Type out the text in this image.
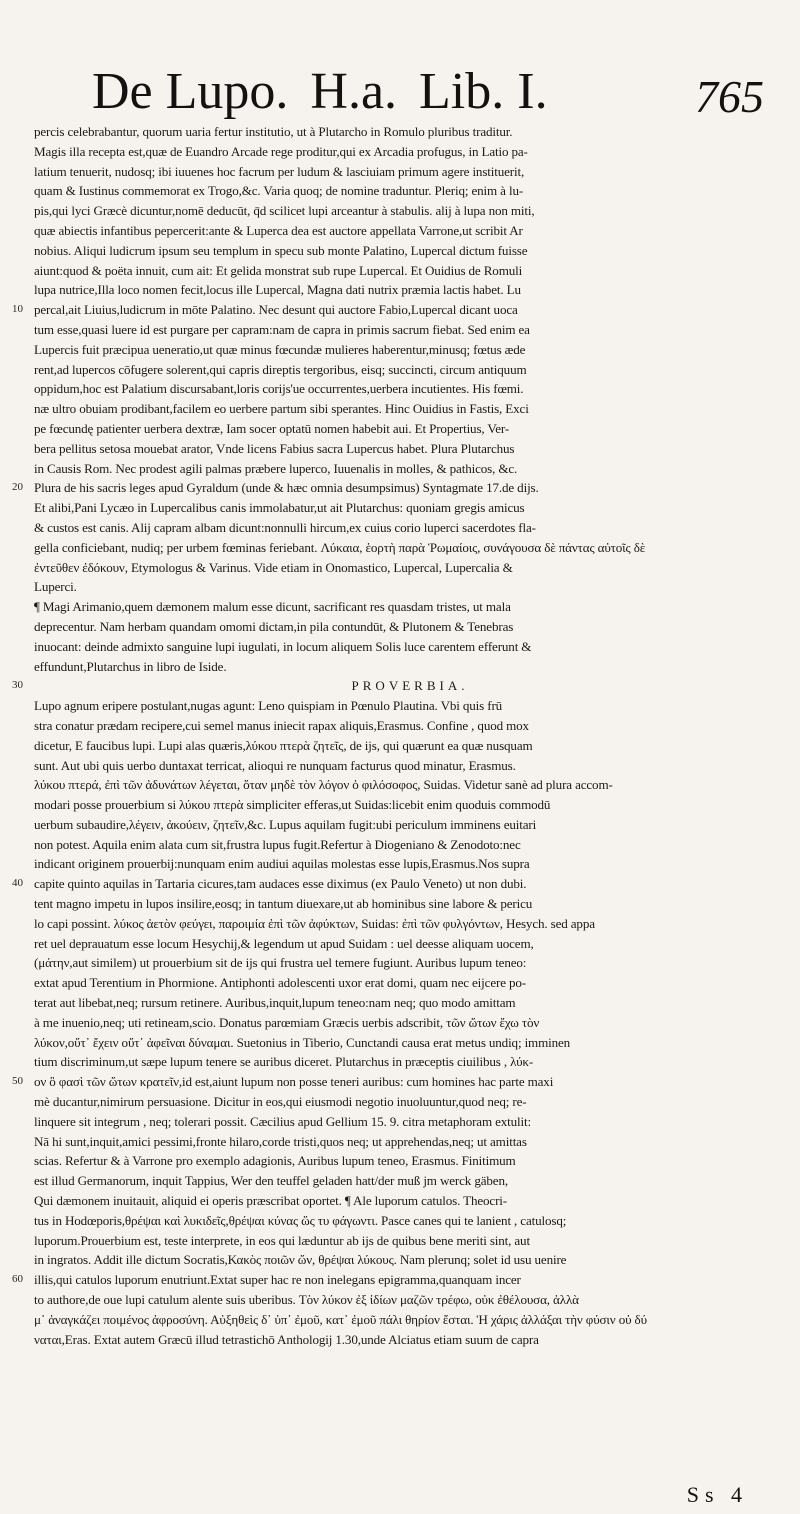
De Lupo. H.a. Lib. I.	765
percis celebrabantur, quorum uaria fertur institutio, ut à Plutarcho in Romulo pluribus traditur.
Magis illa recepta est,quæ de Euandro Arcade rege proditur,qui ex Arcadia profugus, in Latio pa-
latium tenuerit, nudosq; ibi iuuenes hoc facrum per ludum & lasciuiam primum agere instituerit,
quam & Iustinus commemorat ex Trogo,&c. Varia quoq; de nomine traduntur. Pleriq; enim à lu-
pis,qui lyci Græcè dicuntur,nomē deducūt, q̄d scilicet lupi arceantur à stabulis. alij à lupa non miti,
quæ abiectis infantibus pepercerit:ante & Luperca dea est auctore appellata Varrone,ut scribit Ar
nobius. Aliqui ludicrum ipsum seu templum in specu sub monte Palatino, Lupercal dictum fuisse
aiunt:quod & poëta innuit, cum ait: Et gelida monstrat sub rupe Lupercal. Et Ouidius de Romuli
lupa nutrice,Illa loco nomen fecit,locus ille Lupercal, Magna dati nutrix præmia lactis habet. Lu
percal,ait Liuius,ludicrum in mōte Palatino. Nec desunt qui auctore Fabio,Lupercal dicant uoca
10
tum esse,quasi luere id est purgare per capram:nam de capra in primis sacrum fiebat. Sed enim ea
Lupercis fuit præcipua ueneratio,ut quæ minus fœcundæ mulieres haberentur,minusq; fœtus æde
rent,ad lupercos cōfugere solerent,qui capris direptis tergoribus, eisq; succincti, circum antiquum
oppidum,hoc est Palatium discursabant,loris corijs'ue occurrentes,uerbera incutientes. His fœmi.
næ ultro obuiam prodibant,facilem eo uerbere partum sibi sperantes. Hinc Ouidius in Fastis, Exci
pe fœcundę patienter uerbera dextræ, Iam socer optatū nomen habebit aui. Et Propertius, Ver-
bera pellitus setosa mouebat arator, Vnde licens Fabius sacra Lupercus habet. Plura Plutarchus
in Causis Rom. Nec prodest agili palmas præbere luperco, Iuuenalis in molles, & pathicos, &c.
Plura de his sacris leges apud Gyraldum (unde & hæc omnia desumpsimus) Syntagmate 17.de dijs.
20
Et alibi,Pani Lycæo in Lupercalibus canis immolabatur,ut ait Plutarchus: quoniam gregis amicus
& custos est canis. Alij capram albam dicunt:nonnulli hircum,ex cuius corio luperci sacerdotes fla-
gella conficiebant, nudiq; per urbem fœminas feriebant. Λύκαια, ἑορτὴ παρὰ Ῥωμαίοις, συνάγουσα δὲ πάντας αὐτοῖς δὲ
ἐντεῦθεν ἐδόκουν, Etymologus & Varinus. Vide etiam in Onomastico, Lupercal, Lupercalia &
Luperci.
¶ Magi Arimanio,quem dæmonem malum esse dicunt, sacrificant res quasdam tristes, ut mala
deprecentur. Nam herbam quandam omomi dictam,in pila contundūt, & Plutonem & Tenebras
inuocant: deinde admixto sanguine lupi iugulati, in locum aliquem Solis luce carentem efferunt &
effundunt,Plutarchus in libro de Iside.
PROVERBIA.
30
Lupo agnum eripere postulant,nugas agunt: Leno quispiam in Pœnulo Plautina. Vbi quis frū
stra conatur prædam recipere,cui semel manus iniecit rapax aliquis,Erasmus. Confine , quod mox
dicetur, E faucibus lupi. Lupi alas quæris,λύκου πτερὰ ζητεῖς, de ijs, qui quærunt ea quæ nusquam
sunt. Aut ubi quis uerbo duntaxat terricat, alioqui re nunquam facturus quod minatur, Erasmus.
λύκου πτερά, ἐπὶ τῶν ἀδυνάτων λέγεται, ὅταν μηδὲ τὸν λόγον ὁ φιλόσοφος, Suidas. Videtur sanè ad plura accom-
modari posse prouerbium si λύκου πτερὰ simpliciter efferas,ut Suidas:licebit enim quoduis commodū
uerbum subaudire,λέγειν, ἀκούειν, ζητεῖν,&c. Lupus aquilam fugit:ubi periculum imminens euitari
non potest. Aquila enim alata cum sit,frustra lupus fugit.Refertur à Diogeniano & Zenodoto:nec
indicant originem prouerbij:nunquam enim audiui aquilas molestas esse lupis,Erasmus.Nos supra
capite quinto aquilas in Tartaria cicures,tam audaces esse diximus (ex Paulo Veneto) ut non dubi.
40
tent magno impetu in lupos insilire,eosq; in tantum diuexare,ut ab hominibus sine labore & pericu
lo capi possint. λύκος ἀετὸν φεύγει, παροιμία ἐπὶ τῶν ἀφύκτων, Suidas: ἐπὶ τῶν φυλγόντων, Hesych. sed appa
ret uel deprauatum esse locum Hesychij,& legendum ut apud Suidam : uel deesse aliquam uocem,
(μάτην,aut similem) ut prouerbium sit de ijs qui frustra uel temere fugiunt. Auribus lupum teneo:
extat apud Terentium in Phormione. Antiphonti adolescenti uxor erat domi, quam nec eijcere po-
terat aut libebat,neq; rursum retinere. Auribus,inquit,lupum teneo:nam neq; quo modo amittam
à me inuenio,neq; uti retineam,scio. Donatus parœmiam Græcis uerbis adscribit, τῶν ὤτων ἔχω τὸν
λύκον,οὔτ᾿ ἔχειν οὔτ᾿ ἀφεῖναι δύναμαι. Suetonius in Tiberio, Cunctandi causa erat metus undiq; imminen
tium discriminum,ut sæpe lupum tenere se auribus diceret. Plutarchus in præceptis ciuilibus , λύκ-
ον ὃ φασὶ τῶν ὤτων κρατεῖν,id est,aiunt lupum non posse teneri auribus: cum homines hac parte maxi
50
mè ducantur,nimirum persuasione. Dicitur in eos,qui eiusmodi negotio inuoluuntur,quod neq; re-
linquere sit integrum , neq; tolerari possit. Cæcilius apud Gellium 15. 9. citra metaphoram extulit:
Nā hi sunt,inquit,amici pessimi,fronte hilaro,corde tristi,quos neq; ut apprehendas,neq; ut amittas
scias. Refertur & à Varrone pro exemplo adagionis, Auribus lupum teneo, Erasmus. Finitimum
est illud Germanorum, inquit Tappius, Wer den teuffel geladen hatt/der muß jm werck gäben,
Qui dæmonem inuitauit, aliquid ei operis præscribat oportet. ¶ Ale luporum catulos. Theocri-
tus in Hodœporis,θρέψαι καὶ λυκιδεῖς,θρέψαι κύνας ὥς τυ φάγωντι. Pasce canes qui te lanient , catulosq;
luporum.Prouerbium est, teste interprete, in eos qui læduntur ab ijs de quibus bene meriti sint, aut
in ingratos. Addit ille dictum Socratis,Κακὸς ποιῶν ὤν, θρέψαι λύκους. Nam plerunq; solet id usu uenire
illis,qui catulos luporum enutriunt.Extat super hac re non inelegans epigramma,quanquam incer
60
to authore,de oue lupi catulum alente suis uberibus. Τὸν λύκον ἐξ ἰδίων μαζῶν τρέφω, οὐκ ἐθέλουσα, ἀλλὰ
μ᾿ ἀναγκάζει ποιμένος ἀφροσύνη. Αὐξηθεὶς δ᾿ ὑπ᾿ ἐμοῦ, κατ᾿ ἐμοῦ πάλι θηρίον ἔσται. Ἡ χάρις ἀλλάξαι τὴν φύσιν οὐ δύ
ναται,Eras. Extat autem Græcū illud tetrastichō Anthologij 1.30,unde Alciatus etiam suum de capra
Ss 4
